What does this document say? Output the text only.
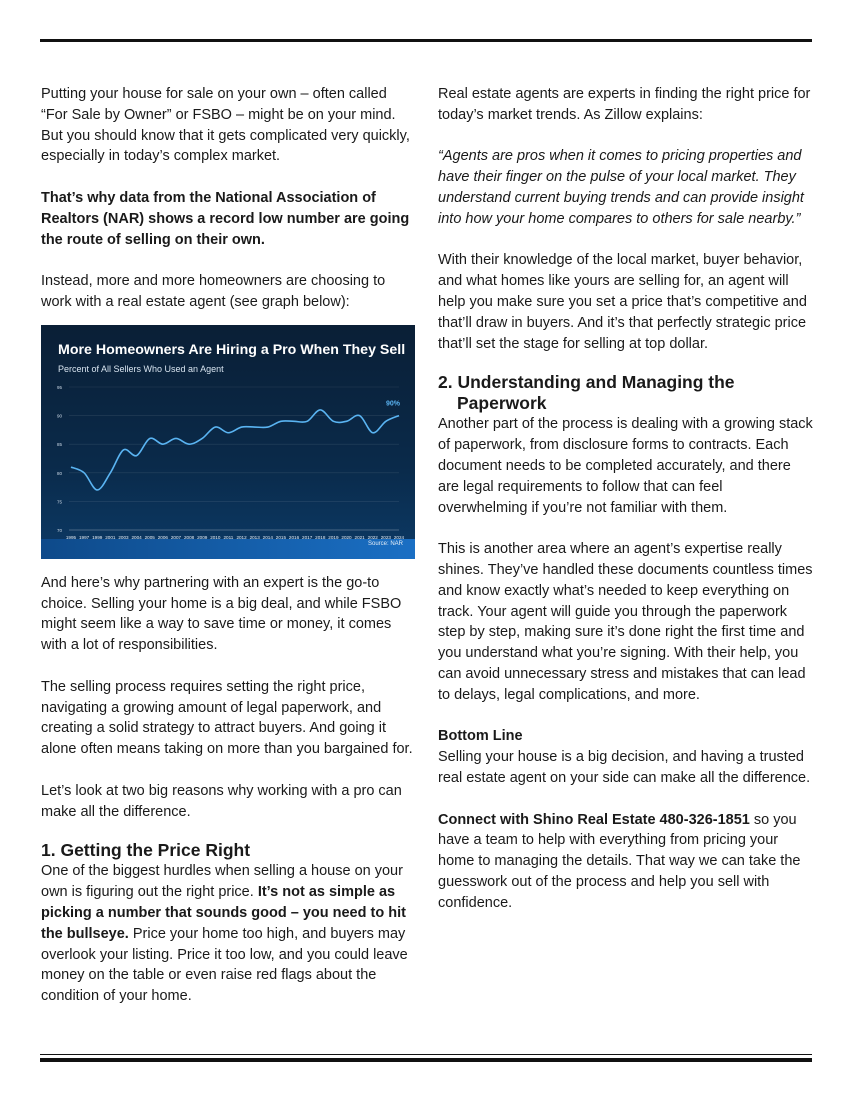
Putting your house for sale on your own – often called “For Sale by Owner” or FSBO – might be on your mind. But you should know that it gets complicated very quickly, especially in today’s complex market.

That’s why data from the National Association of Realtors (NAR) shows a record low number are going the route of selling on their own.

Instead, more and more homeowners are choosing to work with a real estate agent (see graph below):

More Homeowners Are Hiring a Pro When They Sell
Percent of All Sellers Who Used an Agent
Source: NAR
70
75
80
85
90
95
1995 1997 1999 2001 2003 2004 2005 2006 2007 2008 2009 2010 2011 2012 2013 2014 2015 2016 2017 2018 2019 2020 2021 2022 2023 2024
90%

And here’s why partnering with an expert is the go-to choice. Selling your home is a big deal, and while FSBO might seem like a way to save time or money, it comes with a lot of responsibilities.

The selling process requires setting the right price, navigating a growing amount of legal paperwork, and creating a solid strategy to attract buyers. And going it alone often means taking on more than you bargained for.

Let’s look at two big reasons why working with a pro can make all the difference.

1. Getting the Price Right

One of the biggest hurdles when selling a house on your own is figuring out the right price. It’s not as simple as picking a number that sounds good – you need to hit the bullseye. Price your home too high, and buyers may overlook your listing. Price it too low, and you could leave money on the table or even raise red flags about the condition of your home.

Real estate agents are experts in finding the right price for today’s market trends. As Zillow explains:

“Agents are pros when it comes to pricing properties and have their finger on the pulse of your local market. They understand current buying trends and can provide insight into how your home compares to others for sale nearby.”

With their knowledge of the local market, buyer behavior, and what homes like yours are selling for, an agent will help you make sure you set a price that’s competitive and that’ll draw in buyers. And it’s that perfectly strategic price that’ll set the stage for selling at top dollar.

2. Understanding and Managing the Paperwork

Another part of the process is dealing with a growing stack of paperwork, from disclosure forms to contracts. Each document needs to be completed accurately, and there are legal requirements to follow that can feel overwhelming if you’re not familiar with them.

This is another area where an agent’s expertise really shines. They’ve handled these documents countless times and know exactly what’s needed to keep everything on track. Your agent will guide you through the paperwork step by step, making sure it’s done right the first time and you understand what you’re signing. With their help, you can avoid unnecessary stress and mistakes that can lead to delays, legal complications, and more.

Bottom Line

Selling your house is a big decision, and having a trusted real estate agent on your side can make all the difference.

Connect with Shino Real Estate 480-326-1851 so you have a team to help with everything from pricing your home to managing the details. That way we can take the guesswork out of the process and help you sell with confidence.
